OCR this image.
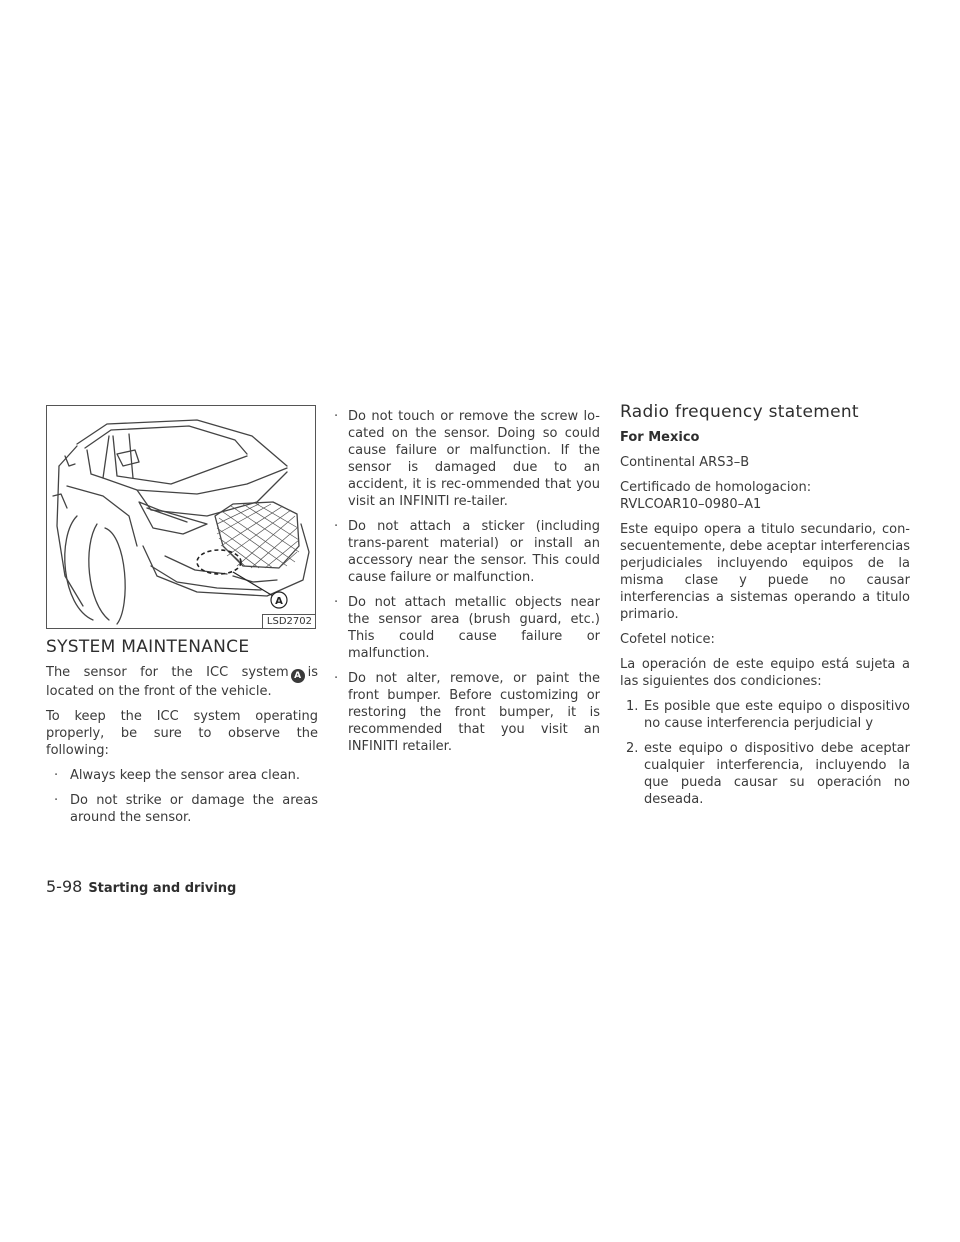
A
LSD2702
SYSTEM MAINTENANCE

The sensor for the ICC system A is located on the front of the vehicle.

To keep the ICC system operating properly, be sure to observe the following:

· Always keep the sensor area clean.
· Do not strike or damage the areas around the sensor.
· Do not touch or remove the screw lo-cated on the sensor. Doing so could cause failure or malfunction. If the sensor is damaged due to an accident, it is rec-ommended that you visit an INFINITI re-tailer.
· Do not attach a sticker (including trans-parent material) or install an accessory near the sensor. This could cause failure or malfunction.
· Do not attach metallic objects near the sensor area (brush guard, etc.) This could cause failure or malfunction.
· Do not alter, remove, or paint the front bumper. Before customizing or restoring the front bumper, it is recommended that you visit an INFINITI retailer.
Radio frequency statement
For Mexico

Continental ARS3–B

Certificado de homologacion:
RVLCOAR10–0980–A1

Este equipo opera a titulo secundario, con-secuentemente, debe aceptar interferencias perjudiciales incluyendo equipos de la misma clase y puede no causar interferencias a sistemas operando a titulo primario.

Cofetel notice:

La operación de este equipo está sujeta a las siguientes dos condiciones:

1. Es posible que este equipo o dispositivo no cause interferencia perjudicial y
2. este equipo o dispositivo debe aceptar cualquier interferencia, incluyendo la que pueda causar su operación no deseada.
5-98 Starting and driving
